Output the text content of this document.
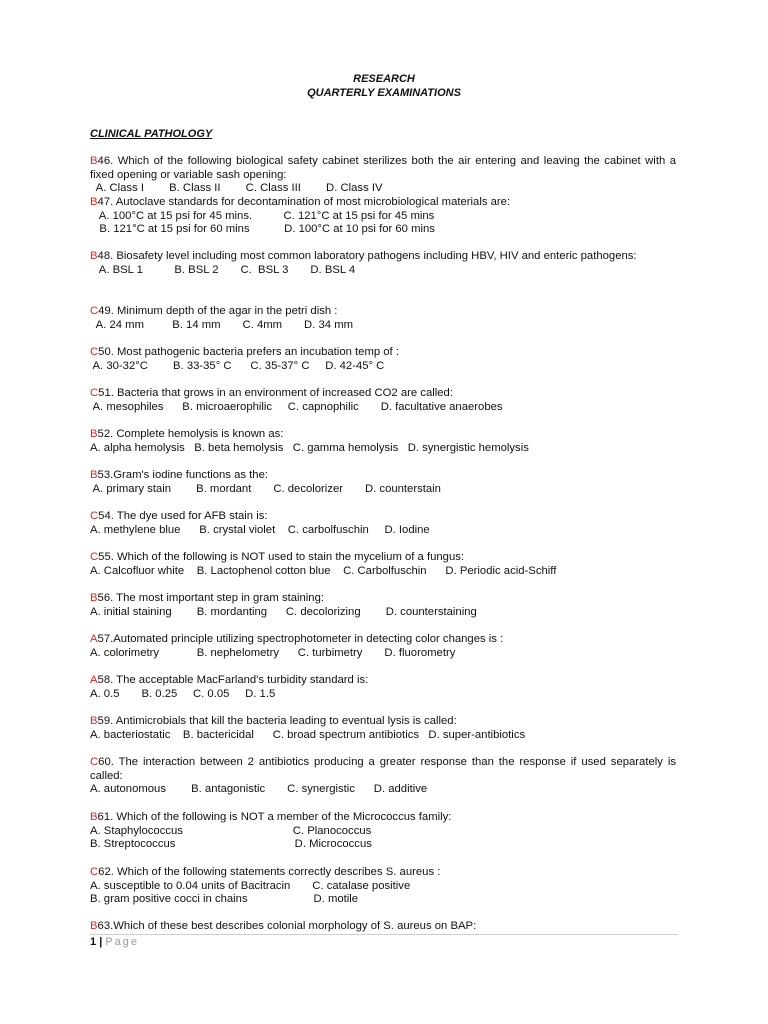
RESEARCH
QUARTERLY EXAMINATIONS
CLINICAL PATHOLOGY
B46. Which of the following biological safety cabinet sterilizes both the air entering and leaving the cabinet with a fixed opening or variable sash opening:
A. Class I        B. Class II        C. Class III        D. Class IV
B47. Autoclave standards for decontamination of most microbiological materials are:
A. 100°C at 15 psi for 45 mins.          C. 121°C at 15 psi for 45 mins
B. 121°C at 15 psi for 60 mins           D. 100°C at 10 psi for 60 mins
B48. Biosafety level including most common laboratory pathogens including HBV, HIV and enteric pathogens:
A. BSL 1          B. BSL 2       C.  BSL 3       D. BSL 4
C49. Minimum depth of the agar in the petri dish :
A. 24 mm         B. 14 mm       C. 4mm       D. 34 mm
C50. Most pathogenic bacteria prefers an incubation temp of :
A. 30-32°C        B. 33-35° C      C. 35-37° C     D. 42-45° C
C51. Bacteria that grows in an environment of increased CO2 are called:
A. mesophiles      B. microaerophilic     C. capnophilic       D. facultative anaerobes
B52. Complete hemolysis is known as:
A. alpha hemolysis   B. beta hemolysis   C. gamma hemolysis   D. synergistic hemolysis
B53.Gram's iodine functions as the:
A. primary stain        B. mordant       C. decolorizer       D. counterstain
C54. The dye used for AFB stain is:
A. methylene blue      B. crystal violet    C. carbolfuschin     D. Iodine
C55. Which of the following is NOT used to stain the mycelium of a fungus:
A. Calcofluor white    B. Lactophenol cotton blue    C. Carbolfuschin      D. Periodic acid-Schiff
B56. The most important step in gram staining:
A. initial staining        B. mordanting      C. decolorizing        D. counterstaining
A57.Automated principle utilizing spectrophotometer in detecting color changes is :
A. colorimetry            B. nephelometry      C. turbimetry       D. fluorometry
A58. The acceptable MacFarland's turbidity standard is:
A. 0.5       B. 0.25     C. 0.05     D. 1.5
B59. Antimicrobials that kill the bacteria leading to eventual lysis is called:
A. bacteriostatic    B. bactericidal      C. broad spectrum antibiotics   D. super-antibiotics
C60. The interaction between 2 antibiotics producing a greater response than the response if used separately is called:
A. autonomous        B. antagonistic       C. synergistic      D. additive
B61. Which of the following is NOT a member of the Micrococcus family:
A. Staphylococcus                                   C. Planococcus
B. Streptococcus                                      D. Micrococcus
C62. Which of the following statements correctly describes S. aureus :
A. susceptible to 0.04 units of Bacitracin       C. catalase positive
B. gram positive cocci in chains                     D. motile
B63.Which of these best describes colonial morphology of S. aureus on BAP:
1 | Page
